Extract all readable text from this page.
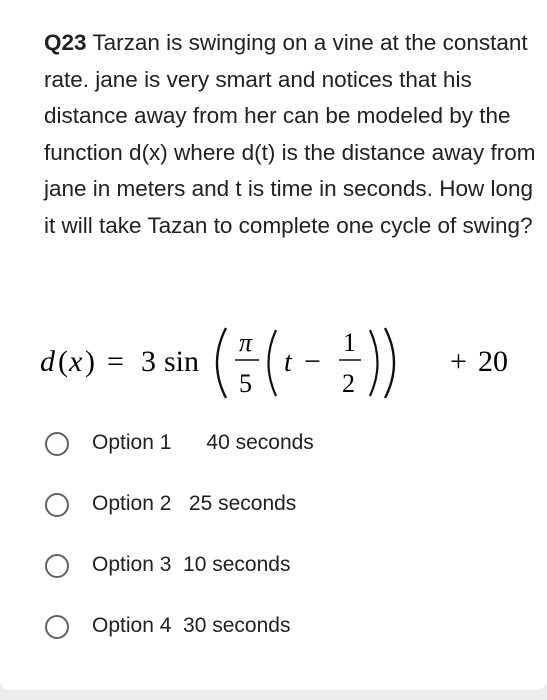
Q23 Tarzan is swinging on a vine at the constant rate. jane is very smart and notices that his distance away from her can be modeled by the function d(x) where d(t) is the distance away from jane in meters and t is time in seconds. How long it will take Tazan to complete one cycle of swing?
d ( x ) = 3 sin
π
5
t −
1
2
+ 20
Option 1      40 seconds
Option 2   25 seconds
Option 3  10 seconds
Option 4  30 seconds
